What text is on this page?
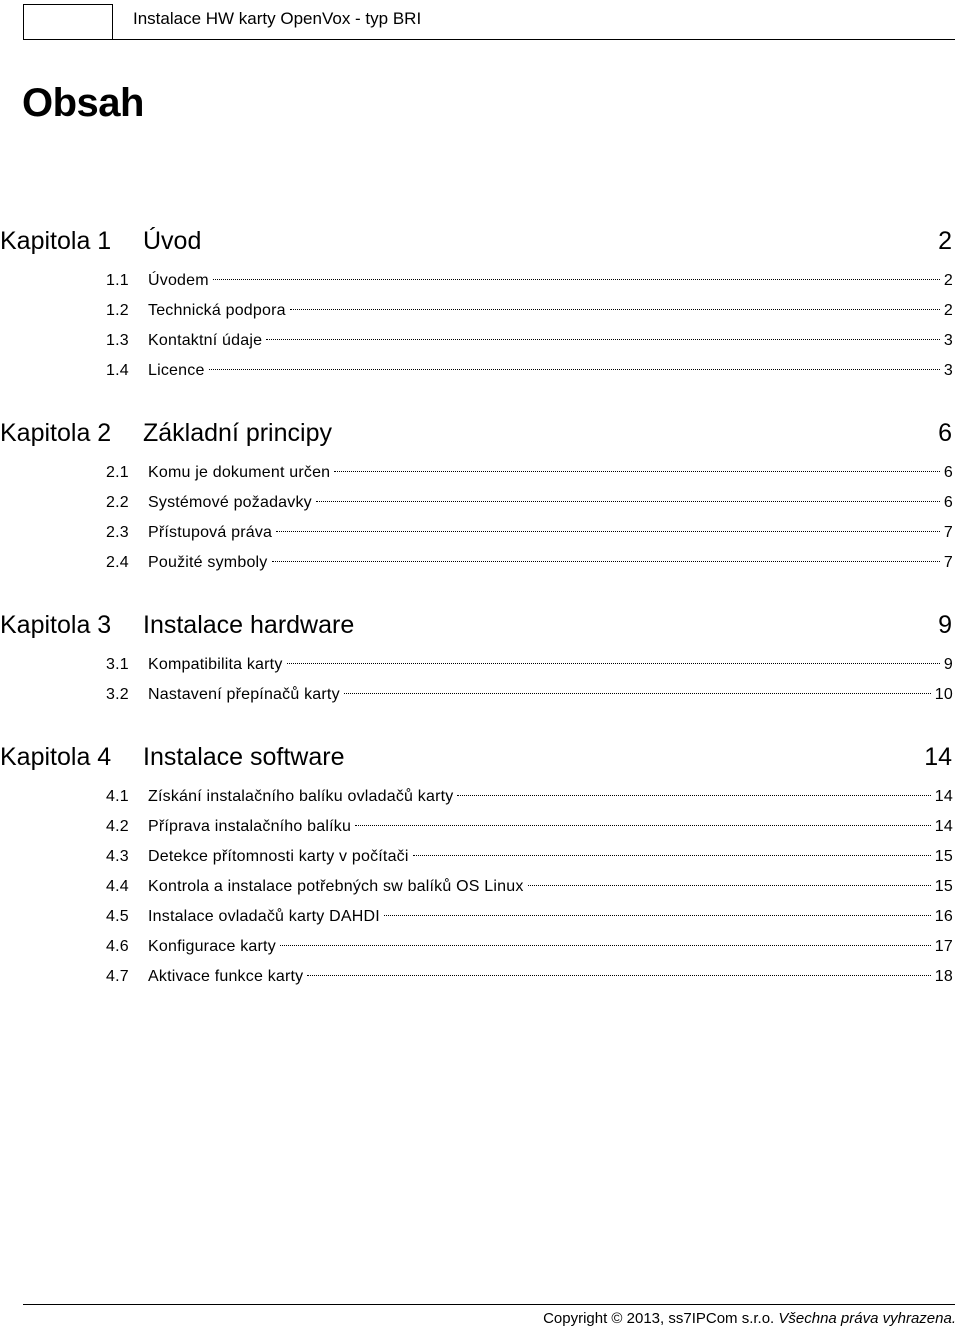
Instalace HW karty OpenVox - typ BRI
Obsah
Kapitola 1 Úvod	2
1.1 Úvodem	2
1.2 Technická podpora	2
1.3 Kontaktní údaje	3
1.4 Licence	3
Kapitola 2 Základní principy	6
2.1 Komu je dokument určen	6
2.2 Systémové požadavky	6
2.3 Přístupová práva	7
2.4 Použité symboly	7
Kapitola 3 Instalace hardware	9
3.1 Kompatibilita karty	9
3.2 Nastavení přepínačů karty	10
Kapitola 4 Instalace software	14
4.1 Získání instalačního balíku ovladačů karty	14
4.2 Příprava instalačního balíku	14
4.3 Detekce přítomnosti karty v počítači	15
4.4 Kontrola a instalace potřebných sw balíků OS Linux	15
4.5 Instalace ovladačů karty DAHDI	16
4.6 Konfigurace karty	17
4.7 Aktivace funkce karty	18
Copyright © 2013, ss7IPCom s.r.o. Všechna práva vyhrazena.
